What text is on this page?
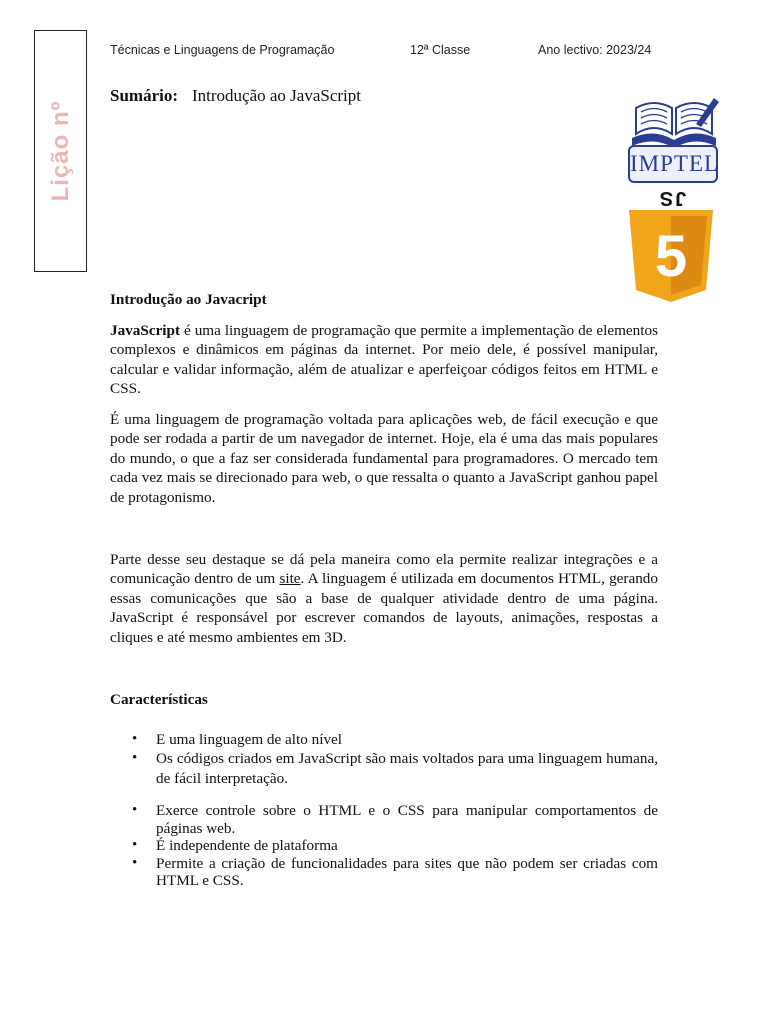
Lição nº
Técnicas e Linguagens de Programação	12ª Classe	Ano lectivo: 2023/24
Sumário: Introdução ao JavaScript
IMPTEL
JS
5

Introdução ao Javacript

JavaScript é uma linguagem de programação que permite a implementação de elementos complexos e dinâmicos em páginas da internet. Por meio dele, é possível manipular, calcular e validar informação, além de atualizar e aperfeiçoar códigos feitos em HTML e CSS.

É uma linguagem de programação voltada para aplicações web, de fácil execução e que pode ser rodada a partir de um navegador de internet. Hoje, ela é uma das mais populares do mundo, o que a faz ser considerada fundamental para programadores. O mercado tem cada vez mais se direcionado para web, o que ressalta o quanto a JavaScript ganhou papel de protagonismo.

Parte desse seu destaque se dá pela maneira como ela permite realizar integrações e a comunicação dentro de um site. A linguagem é utilizada em documentos HTML, gerando essas comunicações que são a base de qualquer atividade dentro de uma página. JavaScript é responsável por escrever comandos de layouts, animações, respostas a cliques e até mesmo ambientes em 3D.

Características

• E uma linguagem de alto nível
• Os códigos criados em JavaScript são mais voltados para uma linguagem humana, de fácil interpretação.
• Exerce controle sobre o HTML e o CSS para manipular comportamentos de páginas web.
• É independente de plataforma
• Permite a criação de funcionalidades para sites que não podem ser criadas com HTML e CSS.
